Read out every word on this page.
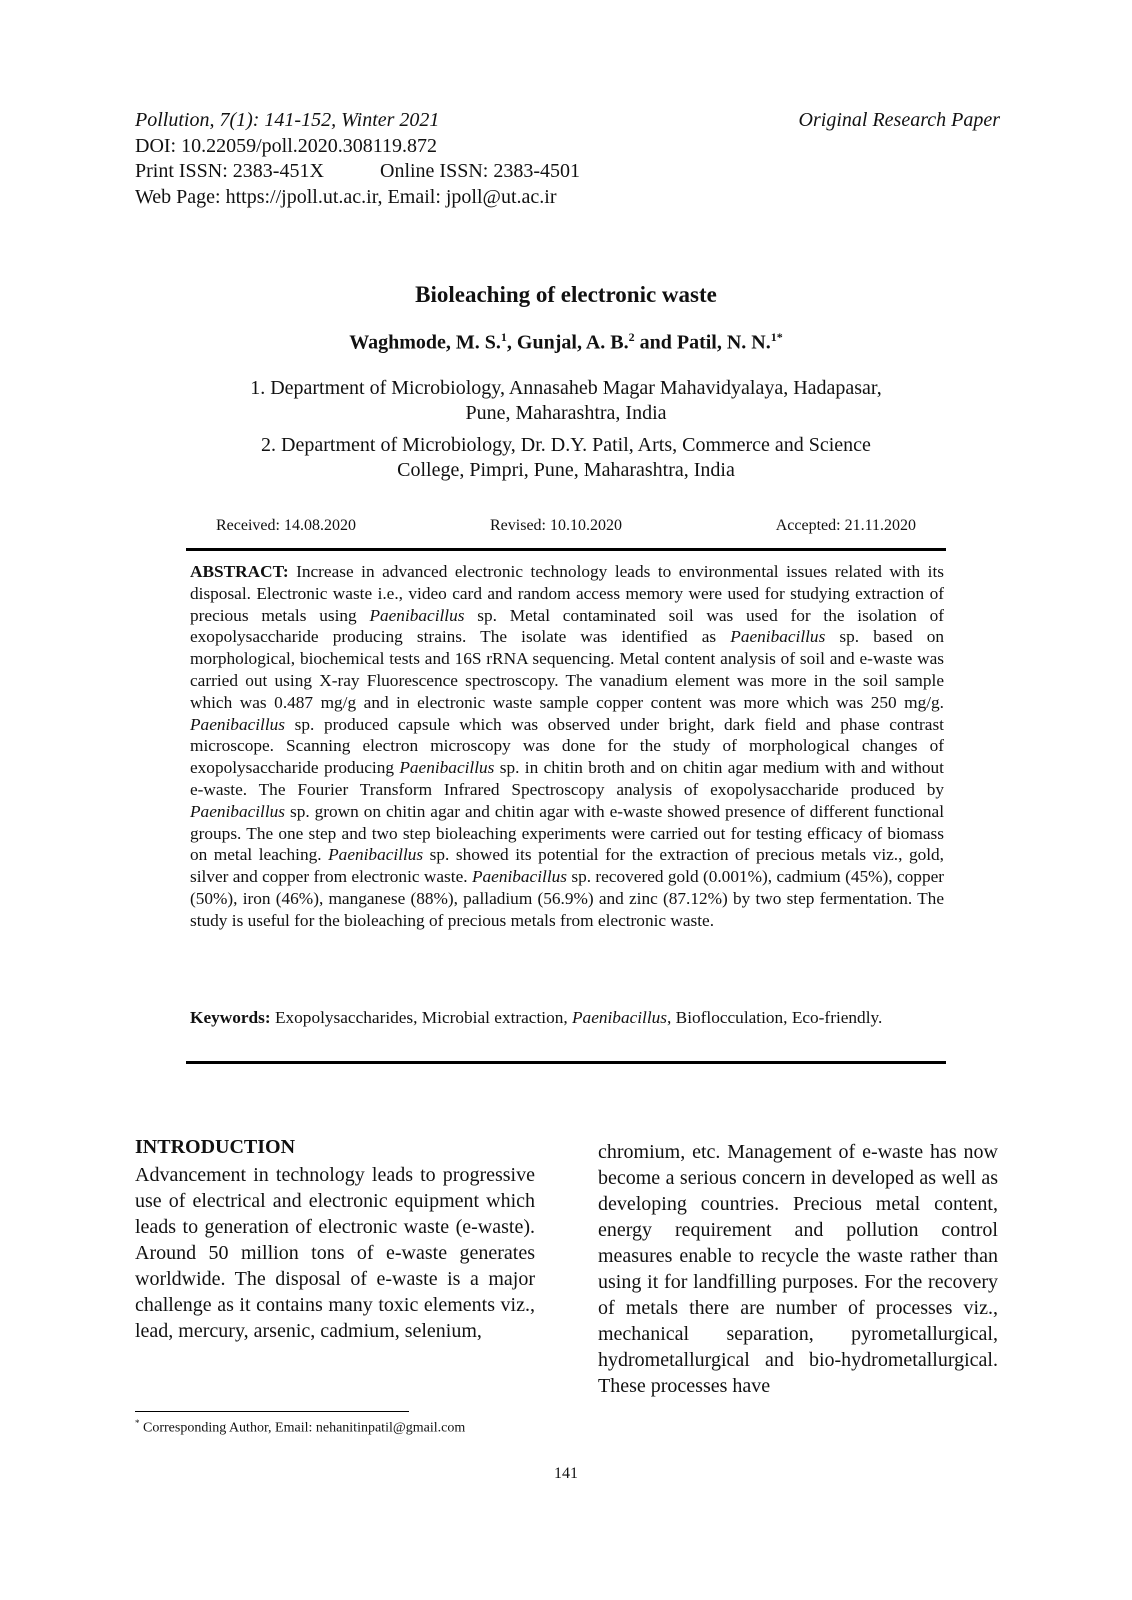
Pollution, 7(1): 141-152, Winter 2021	Original Research Paper
DOI: 10.22059/poll.2020.308119.872
Print ISSN: 2383-451X	Online ISSN: 2383-4501
Web Page: https://jpoll.ut.ac.ir, Email: jpoll@ut.ac.ir
Bioleaching of electronic waste
Waghmode, M. S.$^1$, Gunjal, A. B.$^2$ and Patil, N. N.$^{1*}$
1. Department of Microbiology, Annasaheb Magar Mahavidyalaya, Hadapasar,
Pune, Maharashtra, India
2. Department of Microbiology, Dr. D.Y. Patil, Arts, Commerce and Science
College, Pimpri, Pune, Maharashtra, India
Received: 14.08.2020	Revised: 10.10.2020	Accepted: 21.11.2020
ABSTRACT: Increase in advanced electronic technology leads to environmental issues related with its disposal. Electronic waste i.e., video card and random access memory were used for studying extraction of precious metals using Paenibacillus sp. Metal contaminated soil was used for the isolation of exopolysaccharide producing strains. The isolate was identified as Paenibacillus sp. based on morphological, biochemical tests and 16S rRNA sequencing. Metal content analysis of soil and e-waste was carried out using X-ray Fluorescence spectroscopy. The vanadium element was more in the soil sample which was 0.487 mg/g and in electronic waste sample copper content was more which was 250 mg/g. Paenibacillus sp. produced capsule which was observed under bright, dark field and phase contrast microscope. Scanning electron microscopy was done for the study of morphological changes of exopolysaccharide producing Paenibacillus sp. in chitin broth and on chitin agar medium with and without e-waste. The Fourier Transform Infrared Spectroscopy analysis of exopolysaccharide produced by Paenibacillus sp. grown on chitin agar and chitin agar with e-waste showed presence of different functional groups. The one step and two step bioleaching experiments were carried out for testing efficacy of biomass on metal leaching. Paenibacillus sp. showed its potential for the extraction of precious metals viz., gold, silver and copper from electronic waste. Paenibacillus sp. recovered gold (0.001%), cadmium (45%), copper (50%), iron (46%), manganese (88%), palladium (56.9%) and zinc (87.12%) by two step fermentation. The study is useful for the bioleaching of precious metals from electronic waste.
Keywords: Exopolysaccharides, Microbial extraction, Paenibacillus, Bioflocculation, Eco-friendly.
INTRODUCTION
Advancement in technology leads to progressive use of electrical and electronic equipment which leads to generation of electronic waste (e-waste). Around 50 million tons of e-waste generates worldwide. The disposal of e-waste is a major challenge as it contains many toxic elements viz., lead, mercury, arsenic, cadmium, selenium,
chromium, etc. Management of e-waste has now become a serious concern in developed as well as developing countries. Precious metal content, energy requirement and pollution control measures enable to recycle the waste rather than using it for landfilling purposes. For the recovery of metals there are number of processes viz., mechanical separation, pyrometallurgical, hydrometallurgical and bio-hydrometallurgical. These processes have
* Corresponding Author, Email: nehanitinpatil@gmail.com
141
